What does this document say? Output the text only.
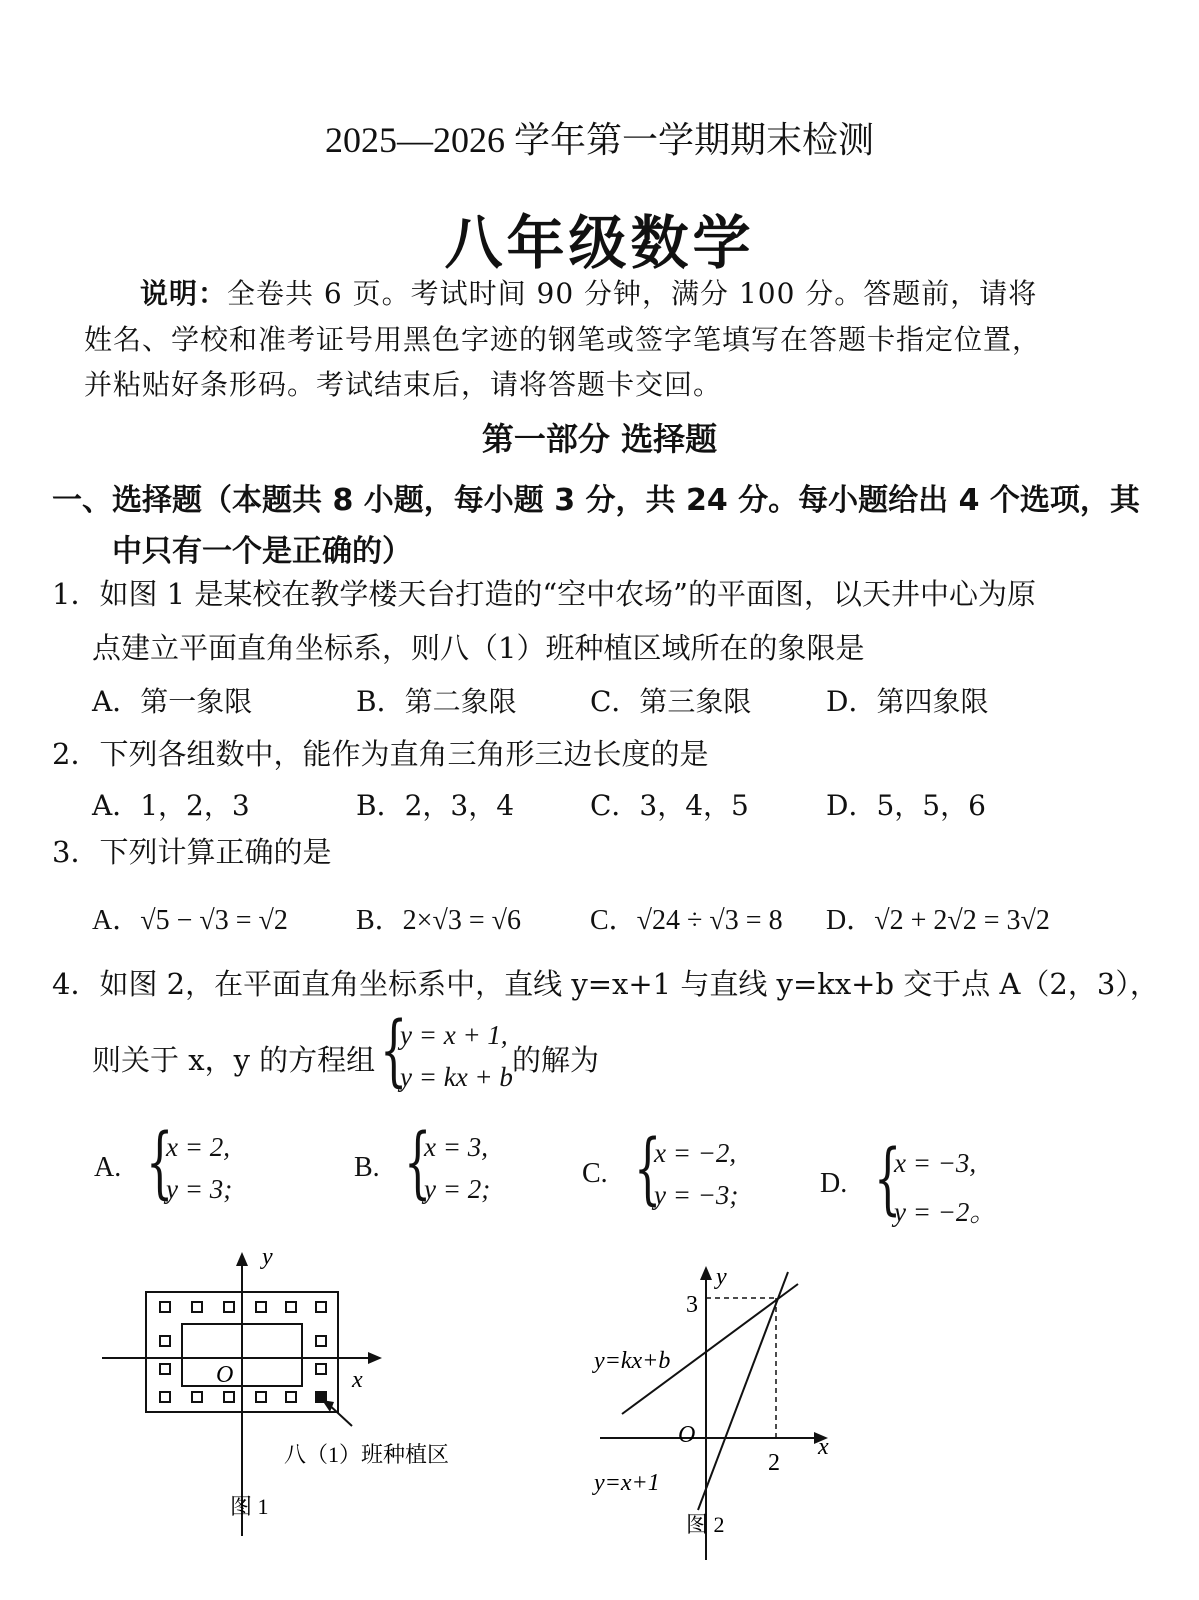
2025—2026 学年第一学期期末检测
八年级数学
说明：全卷共 6 页。考试时间 90 分钟，满分 100 分。答题前，请将
姓名、学校和准考证号用黑色字迹的钢笔或签字笔填写在答题卡指定位置，
并粘贴好条形码。考试结束后，请将答题卡交回。
第一部分 选择题
一、选择题（本题共 8 小题，每小题 3 分，共 24 分。每小题给出 4 个选项，其
中只有一个是正确的）
1．如图 1 是某校在教学楼天台打造的“空中农场”的平面图，以天井中心为原
点建立平面直角坐标系，则八（1）班种植区域所在的象限是
A．第一象限	B．第二象限	C．第三象限	D．第四象限
2．下列各组数中，能作为直角三角形三边长度的是
A．1，2，3	B．2，3，4	C．3，4，5	D．5，5，6
3．下列计算正确的是
A．√5 − √3 = √2 B．2×√3 = √6 C．√24 ÷ √3 = 8 D．√2 + 2√2 = 3√2
4．如图 2，在平面直角坐标系中，直线 y=x+1 与直线 y=kx+b 交于点 A（2，3），
则关于 x，y 的方程组 {
y = x + 1,
y = kx + b 的解为
A. {
x = 2,
y = 3;
B. {
x = 3,
y = 2;	C. {
x = −2,
y = −3;	D. {
x = −3,
y = −2。
y
x
O
八（1）班种植区
图 1
y
x
O
3
2
y=kx+b
y=x+1
图 2
